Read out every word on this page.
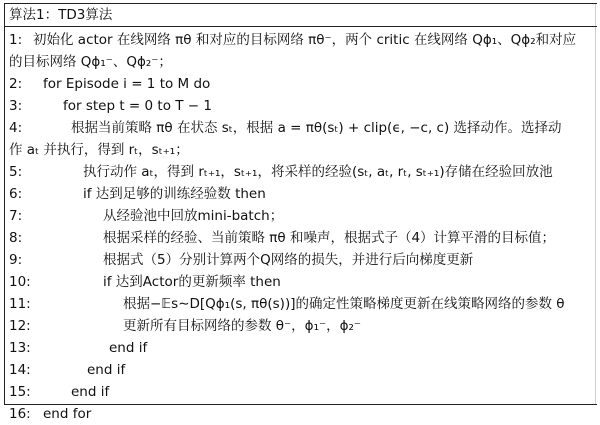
算法1：TD3算法
1: 初始化 actor 在线网络 πθ 和对应的目标网络 πθ⁻，两个 critic 在线网络 Qϕ₁、Qϕ₂和对应
的目标网络 Qϕ₁⁻、Qϕ₂⁻；
2: for Episode i = 1 to M do
3:	for step t = 0 to T − 1
4:	根据当前策略 πθ 在状态 sₜ，根据 a = πθ(sₜ) + clip(ϵ, −c, c) 选择动作。选择动
作 aₜ 并执行，得到 rₜ，sₜ₊₁；
5:	执行动作 aₜ，得到 rₜ₊₁，sₜ₊₁，将采样的经验(sₜ, aₜ, rₜ, sₜ₊₁)存储在经验回放池
6:	if 达到足够的训练经验数 then
7:	从经验池中回放mini-batch；
8:	根据采样的经验、当前策略 πθ 和噪声，根据式子（4）计算平滑的目标值；
9:	根据式（5）分别计算两个Q网络的损失，并进行后向梯度更新
10:	if 达到Actor的更新频率 then
11:	根据−𝔼s∼D[Qϕ₁(s, πθ(s))]的确定性策略梯度更新在线策略网络的参数 θ
12:	更新所有目标网络的参数 θ⁻，ϕ₁⁻，ϕ₂⁻
13:	end if
14:	end if
15:	end if
16: end for
